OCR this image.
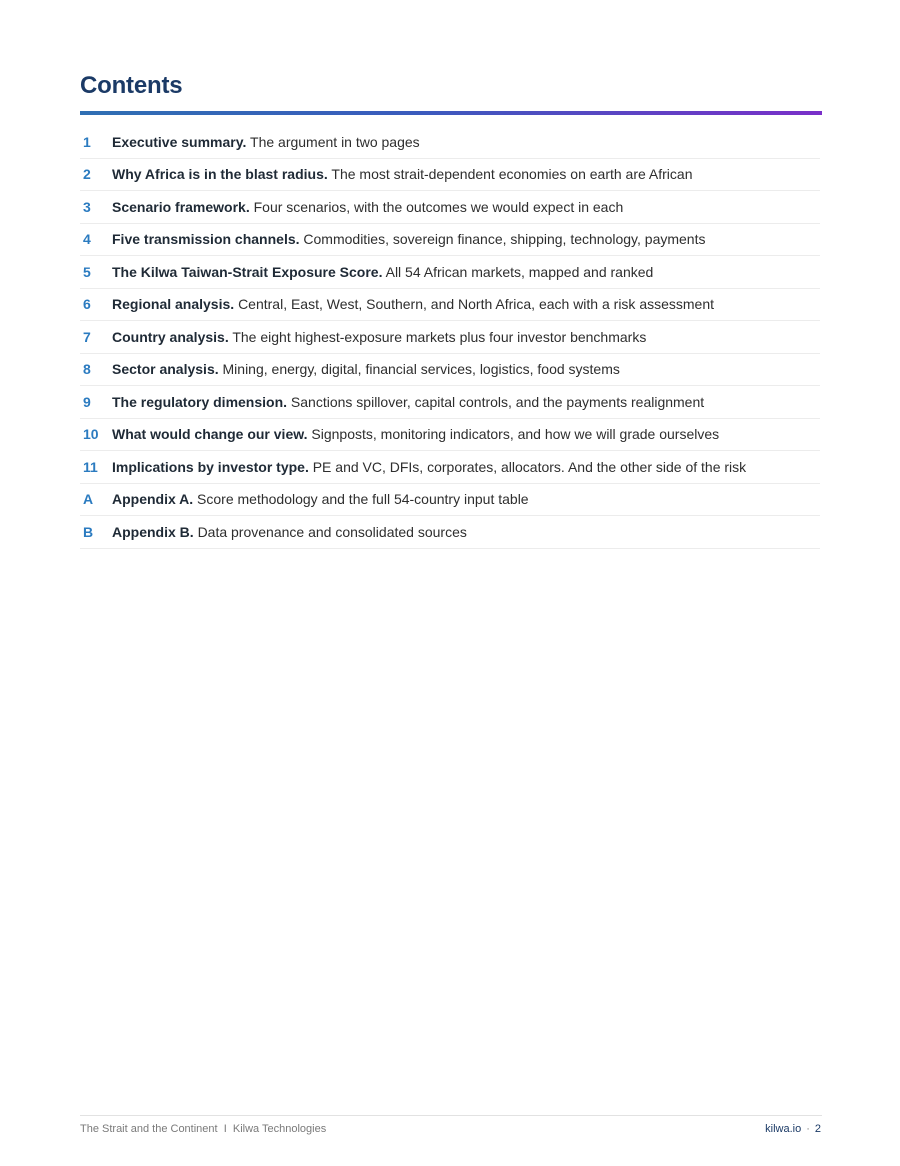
Contents
1	Executive summary. The argument in two pages
2	Why Africa is in the blast radius. The most strait-dependent economies on earth are African
3	Scenario framework. Four scenarios, with the outcomes we would expect in each
4	Five transmission channels. Commodities, sovereign finance, shipping, technology, payments
5	The Kilwa Taiwan-Strait Exposure Score. All 54 African markets, mapped and ranked
6	Regional analysis. Central, East, West, Southern, and North Africa, each with a risk assessment
7	Country analysis. The eight highest-exposure markets plus four investor benchmarks
8	Sector analysis. Mining, energy, digital, financial services, logistics, food systems
9	The regulatory dimension. Sanctions spillover, capital controls, and the payments realignment
10 What would change our view. Signposts, monitoring indicators, and how we will grade ourselves
11	Implications by investor type. PE and VC, DFIs, corporates, allocators. And the other side of the risk
A	Appendix A. Score methodology and the full 54-country input table
B	Appendix B. Data provenance and consolidated sources
The Strait and the Continent  I  Kilwa Technologies	kilwa.io · 2
